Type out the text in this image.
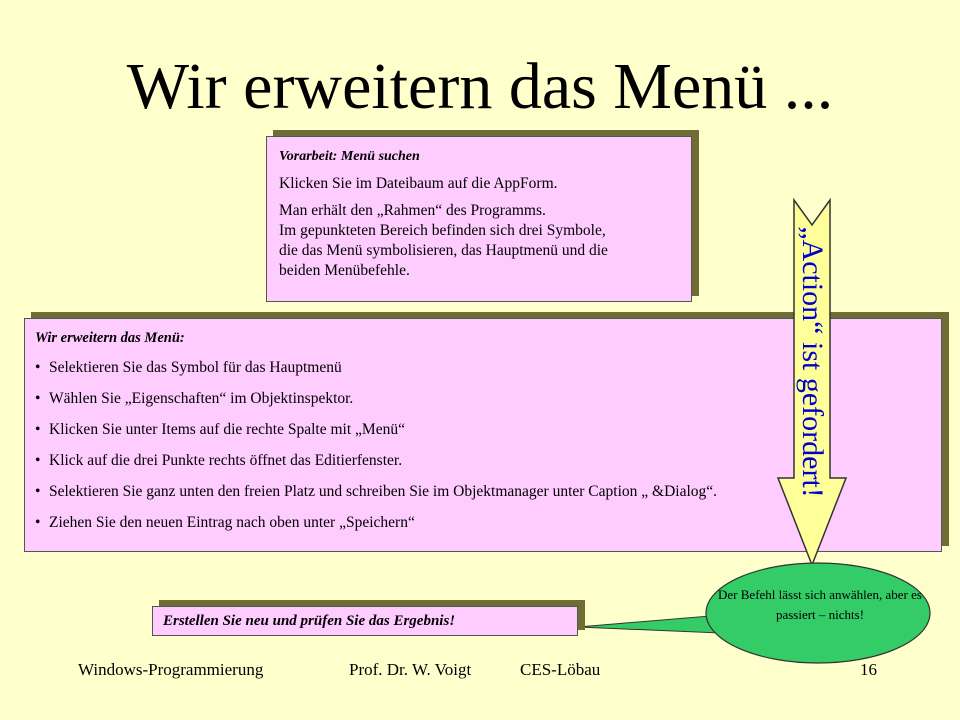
Wir erweitern das Menü ...

Vorarbeit: Menü suchen

Klicken Sie im Dateibaum auf die AppForm.

Man erhält den „Rahmen“ des Programms.
Im gepunkteten Bereich befinden sich drei Symbole,
die das Menü symbolisieren, das Hauptmenü und die
beiden Menübefehle.

Wir erweitern das Menü:

• Selektieren Sie das Symbol für das Hauptmenü
• Wählen Sie „Eigenschaften“ im Objektinspektor.
• Klicken Sie unter Items auf die rechte Spalte mit „Menü“
• Klick auf die drei Punkte rechts öffnet das Editierfenster.
• Selektieren Sie ganz unten den freien Platz und schreiben Sie im Objektmanager unter Caption „ &Dialog“.
• Ziehen Sie den neuen Eintrag nach oben unter „Speichern“
„Action“ ist gefordert!
Der Befehl lässt sich anwählen, aber es passiert – nichts!
Erstellen Sie neu und prüfen Sie das Ergebnis!
Windows-Programmierung	Prof. Dr. W. Voigt	CES-Löbau	16
